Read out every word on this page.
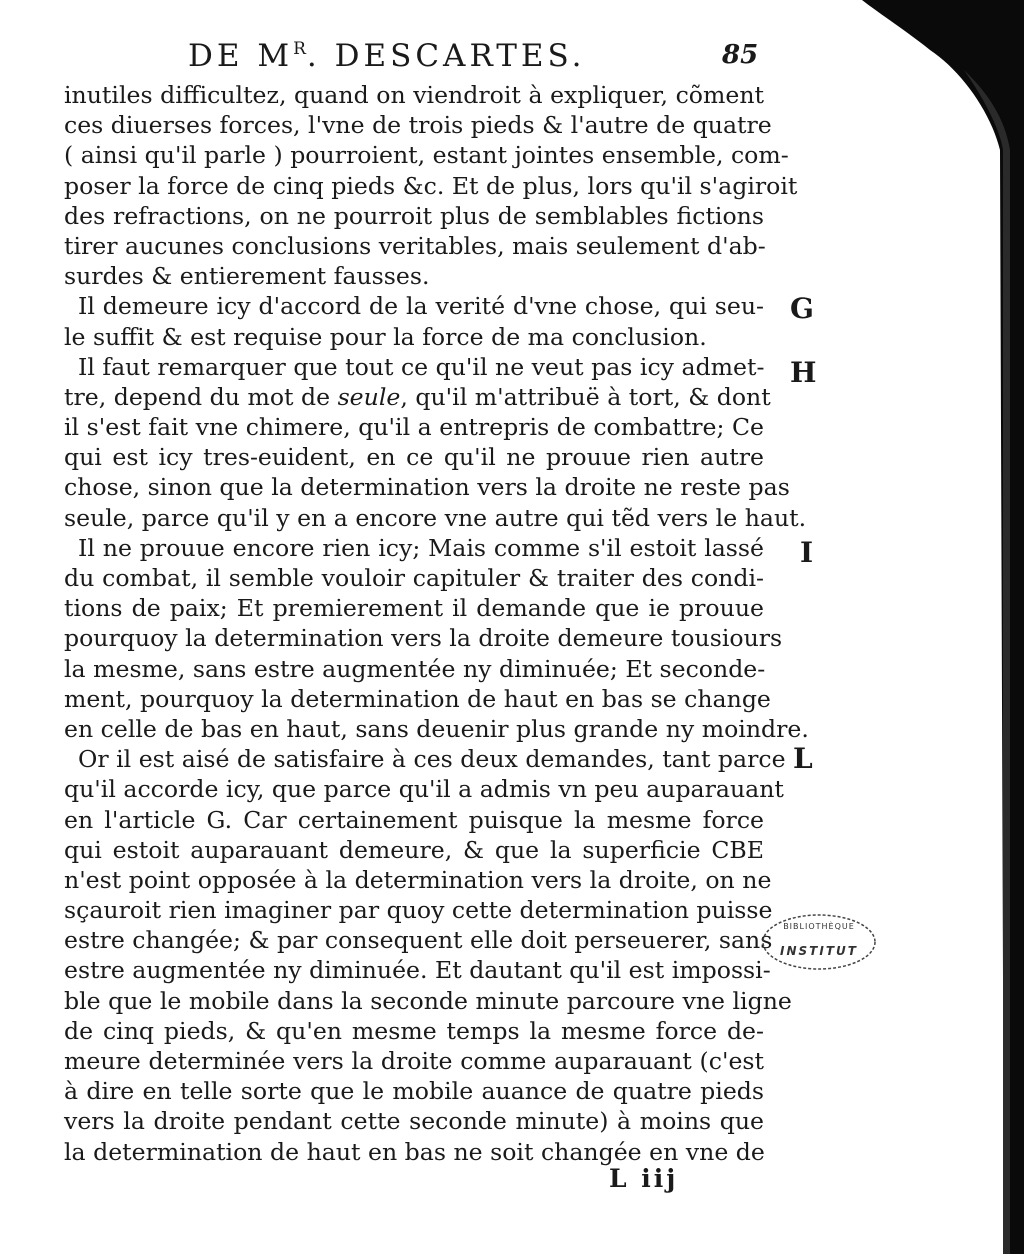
DE $M^R$. DESCARTES.	85
inutiles difficultez, quand on viendroit à expliquer, cõment
ces diuerses forces, l'vne de trois pieds & l'autre de quatre
( ainsi qu'il parle ) pourroient, estant jointes ensemble, com-
poser la force de cinq pieds &c. Et de plus, lors qu'il s'agiroit
des refractions, on ne pourroit plus de semblables fictions
tirer aucunes conclusions veritables, mais seulement d'ab-
surdes & entierement fausses.
Il demeure icy d'accord de la verité d'vne chose, qui seu-
le suffit & est requise pour la force de ma conclusion.
Il faut remarquer que tout ce qu'il ne veut pas icy admet-
tre, depend du mot de seule, qu'il m'attribuë à tort, & dont
il s'est fait vne chimere, qu'il a entrepris de combattre; Ce
qui est icy tres-euident, en ce qu'il ne prouue rien autre
chose, sinon que la determination vers la droite ne reste pas
seule, parce qu'il y en a encore vne autre qui tẽd vers le haut.
Il ne prouue encore rien icy; Mais comme s'il estoit lassé
du combat, il semble vouloir capituler & traiter des condi-
tions de paix; Et premierement il demande que ie prouue
pourquoy la determination vers la droite demeure tousiours
la mesme, sans estre augmentée ny diminuée; Et seconde-
ment, pourquoy la determination de haut en bas se change
en celle de bas en haut, sans deuenir plus grande ny moindre.
Or il est aisé de satisfaire à ces deux demandes, tant parce
qu'il accorde icy, que parce qu'il a admis vn peu auparauant
en l'article G. Car certainement puisque la mesme force
qui estoit auparauant demeure, & que la superficie CBE
n'est point opposée à la determination vers la droite, on ne
sçauroit rien imaginer par quoy cette determination puisse
estre changée; & par consequent elle doit perseuerer, sans
estre augmentée ny diminuée. Et dautant qu'il est impossi-
ble que le mobile dans la seconde minute parcoure vne ligne
de cinq pieds, & qu'en mesme temps la mesme force de-
meure determinée vers la droite comme auparauant (c'est
à dire en telle sorte que le mobile auance de quatre pieds
vers la droite pendant cette seconde minute) à moins que
la determination de haut en bas ne soit changée en vne de
G
H
I
L
L iij
BIBLIOTHÈQUE
INSTITUT
